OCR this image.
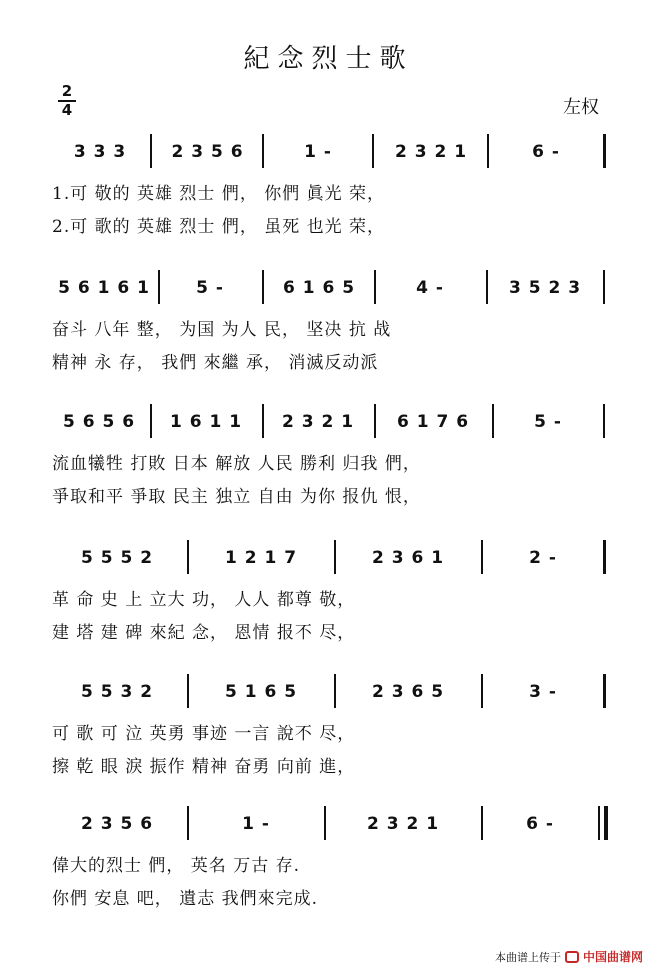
紀念烈士歌
2
4	左权
3 3 3	2 3 5 6	1 -	2 3 2 1	6 -
1.可 敬的 英雄 烈士 們， 你們 眞光 荣，
2.可 歌的 英雄 烈士 們， 虽死 也光 荣，
5 6 1 6 1	5 -	6 1 6 5	4 -	3 5 2 3
奋斗 八年 整， 为国 为人 民， 坚决 抗 战
精神 永 存， 我們 來繼 承， 消滅反动派
5 6 5 6	1 6 1 1	2 3 2 1	6 1 7 6	5 -
流血犧牲 打敗 日本 解放 人民 勝利 归我 們，
爭取和平 爭取 民主 独立 自由 为你 报仇 恨，
5 5 5 2	1 2 1 7	2 3 6 1	2 -
革 命 史 上 立大 功， 人人 都尊 敬，
建 塔 建 碑 來紀 念， 恩情 报不 尽，
5 5 3 2	5 1 6 5	2 3 6 5	3 -
可 歌 可 泣 英勇 事迹 一言 說不 尽，
擦 乾 眼 淚 振作 精神 奋勇 向前 進，
2 3 5 6	1 -	2 3 2 1	6 -
偉大的烈士 們， 英名 万古 存.
你們 安息 吧， 遺志 我們來完成.
本曲谱上传于 中国曲谱网
